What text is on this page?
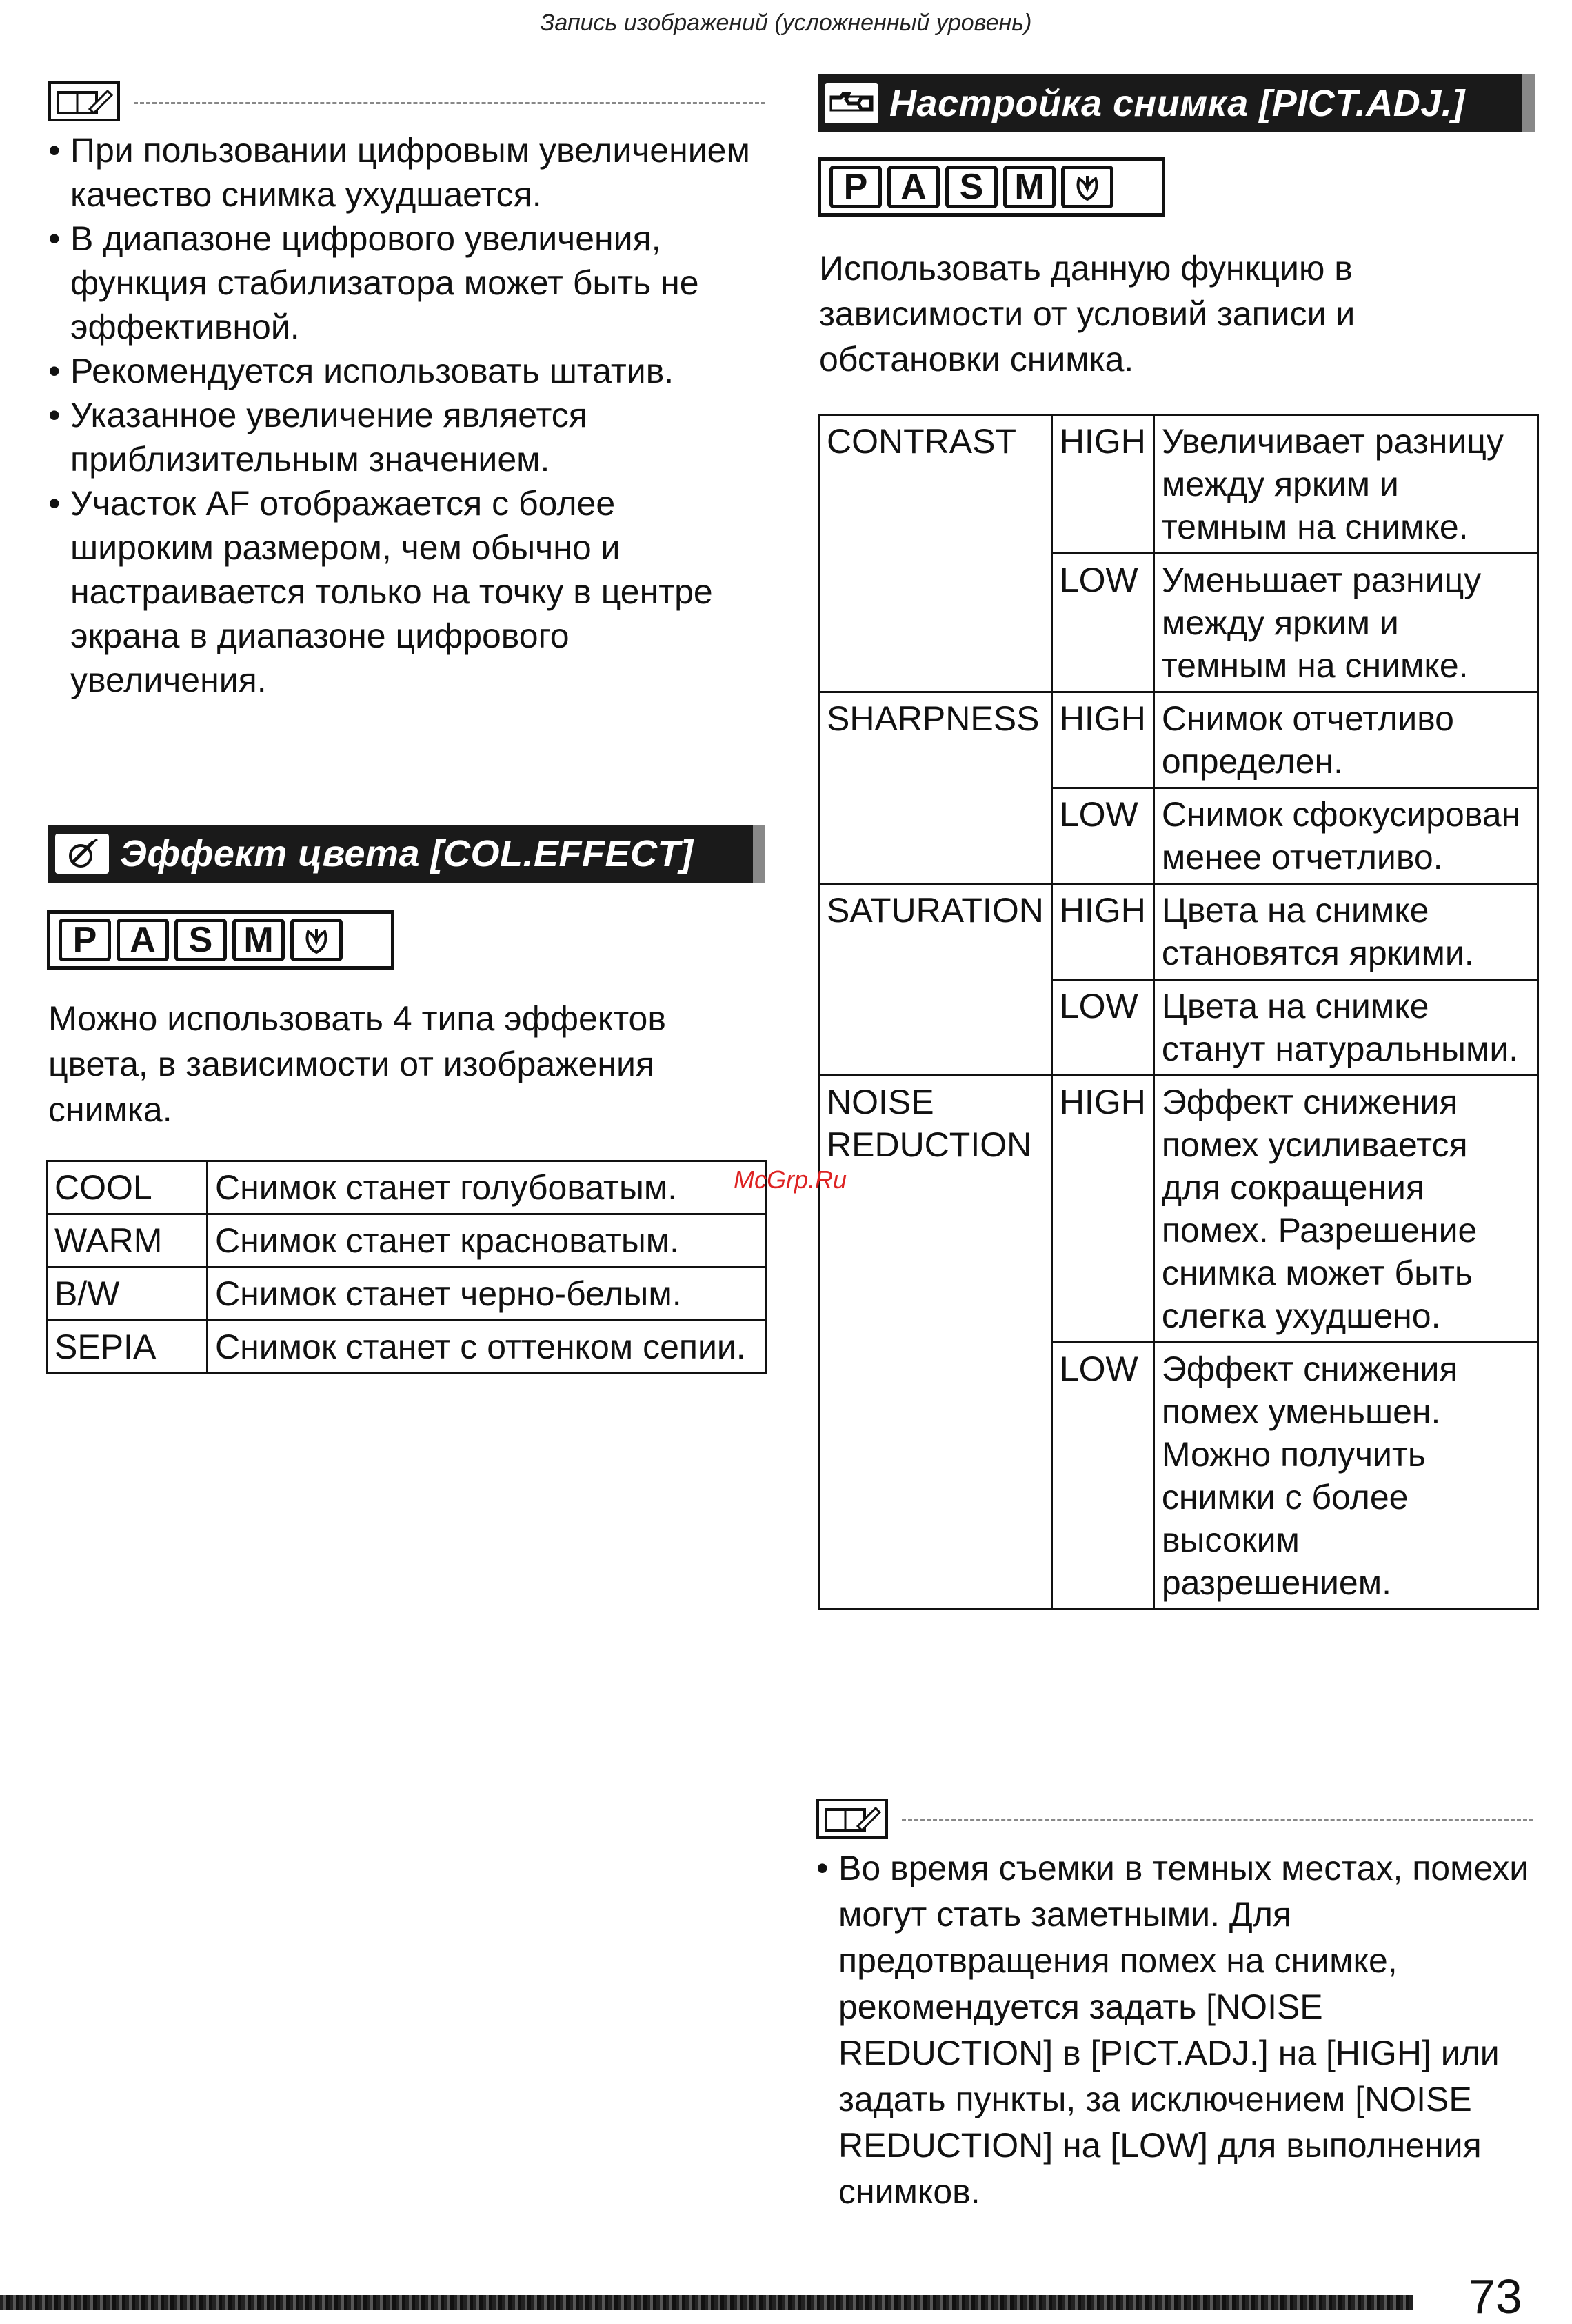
Запись изображений (усложненный уровень)
• При пользовании цифровым увеличением качество снимка ухудшается.
• В диапазоне цифрового увеличения, функция стабилизатора может быть не эффективной.
• Рекомендуется использовать штатив.
• Указанное увеличение является приблизительным значением.
• Участок AF отображается с более широким размером, чем обычно и настраивается только на точку в центре экрана в диапазоне цифрового увеличения.
Эффект цвета [COL.EFFECT]
P A S M
Можно использовать 4 типа эффектов цвета, в зависимости от изображения снимка.
COOL	Снимок станет голубоватым.
WARM	Снимок станет красноватым.
B/W	Снимок станет черно-белым.
SEPIA	Снимок станет с оттенком сепии.
Настройка снимка [PICT.ADJ.]
P A S M
Использовать данную функцию в зависимости от условий записи и обстановки снимка.
CONTRAST	HIGH	Увеличивает разницу между ярким и темным на снимке.
	LOW	Уменьшает разницу между ярким и темным на снимке.
SHARPNESS	HIGH	Снимок отчетливо определен.
	LOW	Снимок сфокусирован менее отчетливо.
SATURATION	HIGH	Цвета на снимке становятся яркими.
	LOW	Цвета на снимке станут натуральными.
NOISE REDUCTION	HIGH	Эффект снижения помех усиливается для сокращения помех. Разрешение снимка может быть слегка ухудшено.
	LOW	Эффект снижения помех уменьшен. Можно получить снимки с более высоким разрешением.
• Во время съемки в темных местах, помехи могут стать заметными. Для предотвращения помех на снимке, рекомендуется задать [NOISE REDUCTION] в [PICT.ADJ.] на [HIGH] или задать пункты, за исключением [NOISE REDUCTION] на [LOW] для выполнения снимков.
McGrp.Ru
73
